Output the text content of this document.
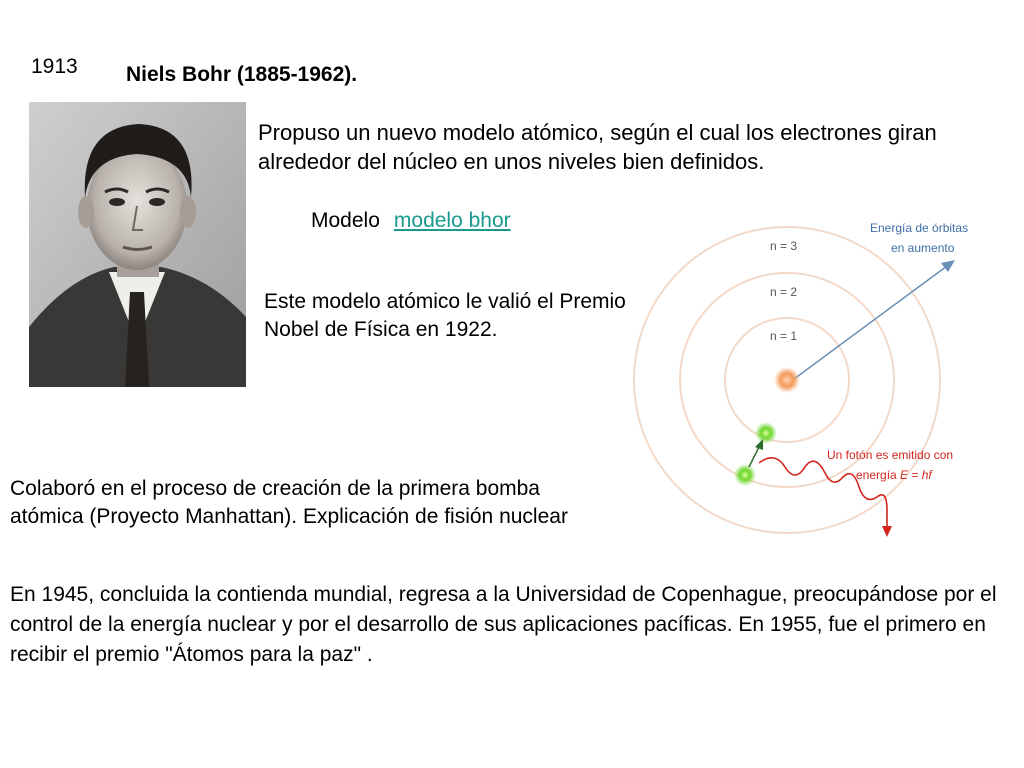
1913 Niels Bohr (1885-1962).
Propuso un nuevo modelo atómico, según el cual los electrones giran alrededor del núcleo en unos niveles bien definidos.
Modelo modelo bhor
Este modelo atómico le valió el Premio Nobel de Física en 1922.
n = 3
n = 2
n = 1
Energía de órbitas
en aumento
Un fotón es emitido con
energía E = hf
Colaboró en el proceso de creación de la primera bomba atómica (Proyecto Manhattan). Explicación de fisión nuclear
En 1945, concluida la contienda mundial, regresa a la Universidad de Copenhague, preocupándose por el control de la energía nuclear y por el desarrollo de sus aplicaciones pacíficas. En 1955, fue el primero en recibir el premio "Átomos para la paz" .
